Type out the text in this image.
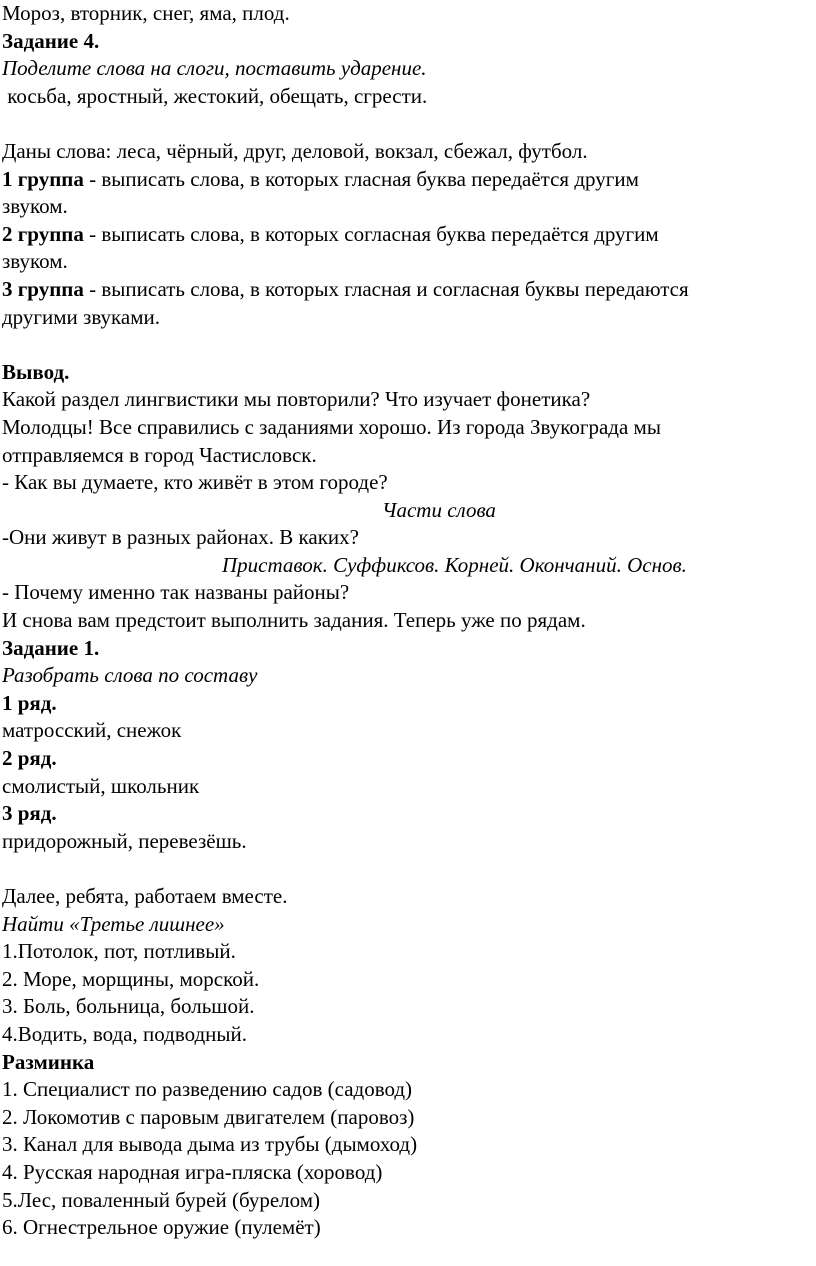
Мороз, вторник, снег, яма, плод.
Задание 4.
Поделите слова на слоги, поставить ударение.
косьба, яростный, жестокий, обещать, сгрести.
Даны слова: леса, чёрный, друг, деловой, вокзал, сбежал, футбол.
1 группа - выписать слова, в которых гласная буква передаётся другим
звуком.
2 группа - выписать слова, в которых согласная буква передаётся другим
звуком.
3 группа - выписать слова, в которых гласная и согласная буквы передаются
другими звуками.
Вывод.
Какой раздел лингвистики мы повторили? Что изучает фонетика?
Молодцы! Все справились с заданиями хорошо. Из города Звукограда мы
отправляемся в город Частисловск.
- Как вы думаете, кто живёт в этом городе?
Части слова
-Они живут в разных районах. В каких?
Приставок. Суффиксов. Корней. Окончаний. Основ.
- Почему именно так названы районы?
И снова вам предстоит выполнить задания. Теперь уже по рядам.
Задание 1.
Разобрать слова по составу
1 ряд.
матросский, снежок
2 ряд.
смолистый, школьник
3 ряд.
придорожный, перевезёшь.
Далее, ребята, работаем вместе.
Найти «Третье лишнее»
1.Потолок, пот, потливый.
2. Море, морщины, морской.
3. Боль, больница, большой.
4.Водить, вода, подводный.
Разминка
1. Специалист по разведению садов (садовод)
2. Локомотив с паровым двигателем (паровоз)
3. Канал для вывода дыма из трубы (дымоход)
4. Русская народная игра-пляска (хоровод)
5.Лес, поваленный бурей (бурелом)
6. Огнестрельное оружие (пулемёт)
